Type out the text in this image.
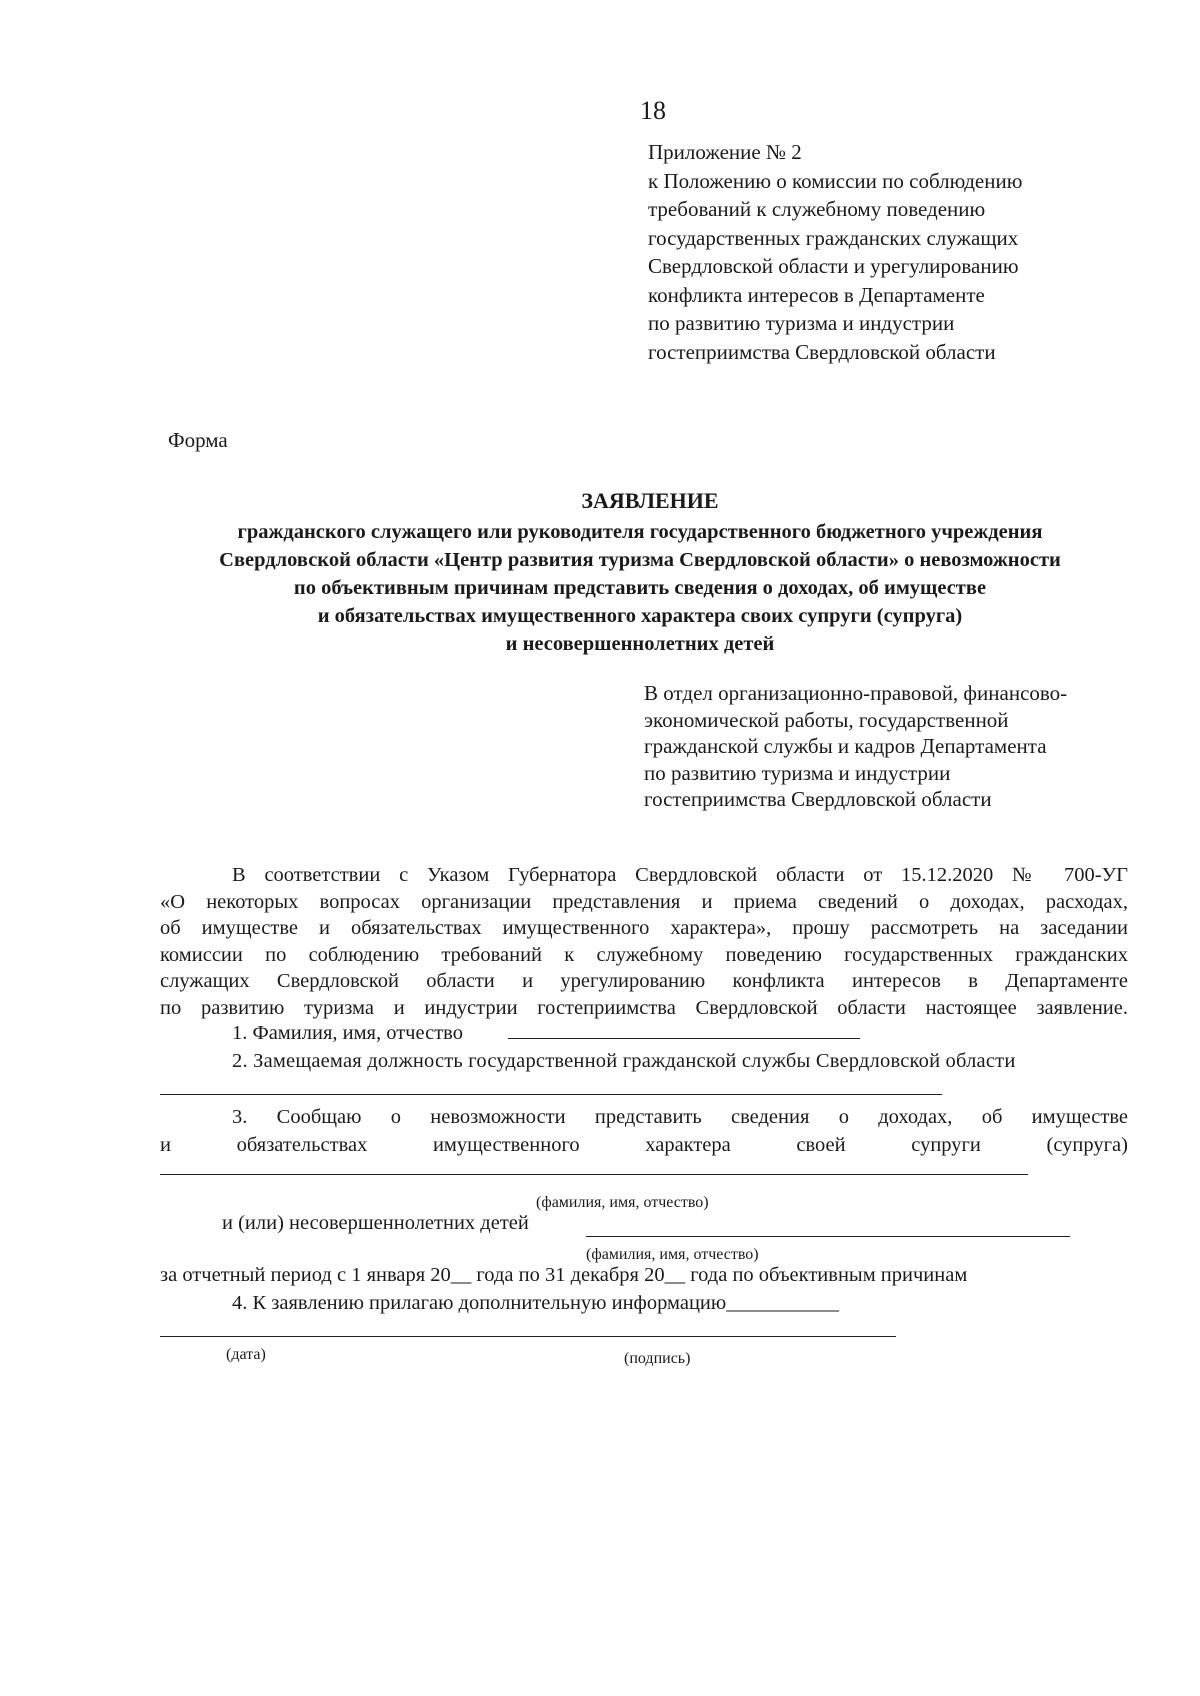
18
Приложение № 2
к Положению о комиссии по соблюдению
требований к служебному поведению
государственных гражданских служащих
Свердловской области и урегулированию
конфликта интересов в Департаменте
по развитию туризма и индустрии
гостеприимства Свердловской области
Форма
ЗАЯВЛЕНИЕ
гражданского служащего или руководителя государственного бюджетного учреждения
Свердловской области «Центр развития туризма Свердловской области» о невозможности
по объективным причинам представить сведения о доходах, об имуществе
и обязательствах имущественного характера своих супруги (супруга)
и несовершеннолетних детей
В отдел организационно-правовой, финансово-
экономической работы, государственной
гражданской службы и кадров Департамента
по развитию туризма и индустрии
гостеприимства Свердловской области
В соответствии с Указом Губернатора Свердловской области от 15.12.2020 № 700-УГ
«О некоторых вопросах организации представления и приема сведений о доходах, расходах,
об имуществе и обязательствах имущественного характера», прошу рассмотреть на заседании
комиссии по соблюдению требований к служебному поведению государственных гражданских
служащих Свердловской области и урегулированию конфликта интересов в Департаменте
по развитию туризма и индустрии гостеприимства Свердловской области настоящее заявление.
1. Фамилия, имя, отчество
2. Замещаемая должность государственной гражданской службы Свердловской области
3. Сообщаю о невозможности представить сведения о доходах, об имуществе
и	обязательствах	имущественного	характера	своей	супруги	(супруга)
(фамилия, имя, отчество)
и (или) несовершеннолетних детей
(фамилия, имя, отчество)
за отчетный период с 1 января 20__ года по 31 декабря 20__ года по объективным причинам
4. К заявлению прилагаю дополнительную информацию___________
(дата)	(подпись)
